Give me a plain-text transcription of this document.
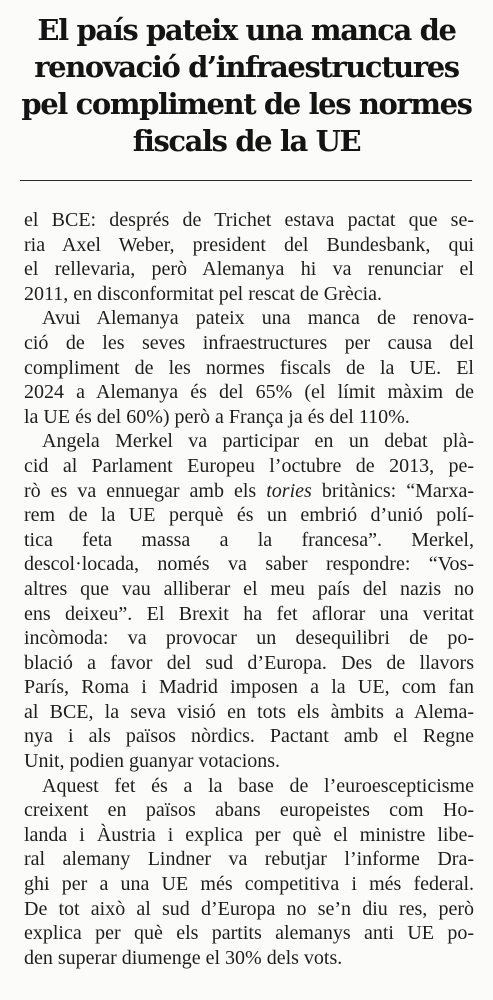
El país pateix una manca de
renovació d’infraestructures
pel compliment de les normes
fiscals de la UE

el BCE: després de Trichet estava pactat que se-
ria Axel Weber, president del Bundesbank, qui
el rellevaria, però Alemanya hi va renunciar el
2011, en disconformitat pel rescat de Grècia.

Avui Alemanya pateix una manca de renova-
ció de les seves infraestructures per causa del
compliment de les normes fiscals de la UE. El
2024 a Alemanya és del 65% (el límit màxim de
la UE és del 60%) però a França ja és del 110%.

Angela Merkel va participar en un debat plà-
cid al Parlament Europeu l’octubre de 2013, pe-
rò es va ennuegar amb els tories britànics: “Marxa-
rem de la UE perquè és un embrió d’unió polí-
tica feta massa a la francesa”. Merkel,
descol·locada, només va saber respondre: “Vos-
altres que vau alliberar el meu país del nazis no
ens deixeu”. El Brexit ha fet aflorar una veritat
incòmoda: va provocar un desequilibri de po-
blació a favor del sud d’Europa. Des de llavors
París, Roma i Madrid imposen a la UE, com fan
al BCE, la seva visió en tots els àmbits a Alema-
nya i als països nòrdics. Pactant amb el Regne
Unit, podien guanyar votacions.

Aquest fet és a la base de l’euroescepticisme
creixent en països abans europeistes com Ho-
landa i Àustria i explica per què el ministre libe-
ral alemany Lindner va rebutjar l’informe Dra-
ghi per a una UE més competitiva i més federal.
De tot això al sud d’Europa no se’n diu res, però
explica per què els partits alemanys anti UE po-
den superar diumenge el 30% dels vots.
